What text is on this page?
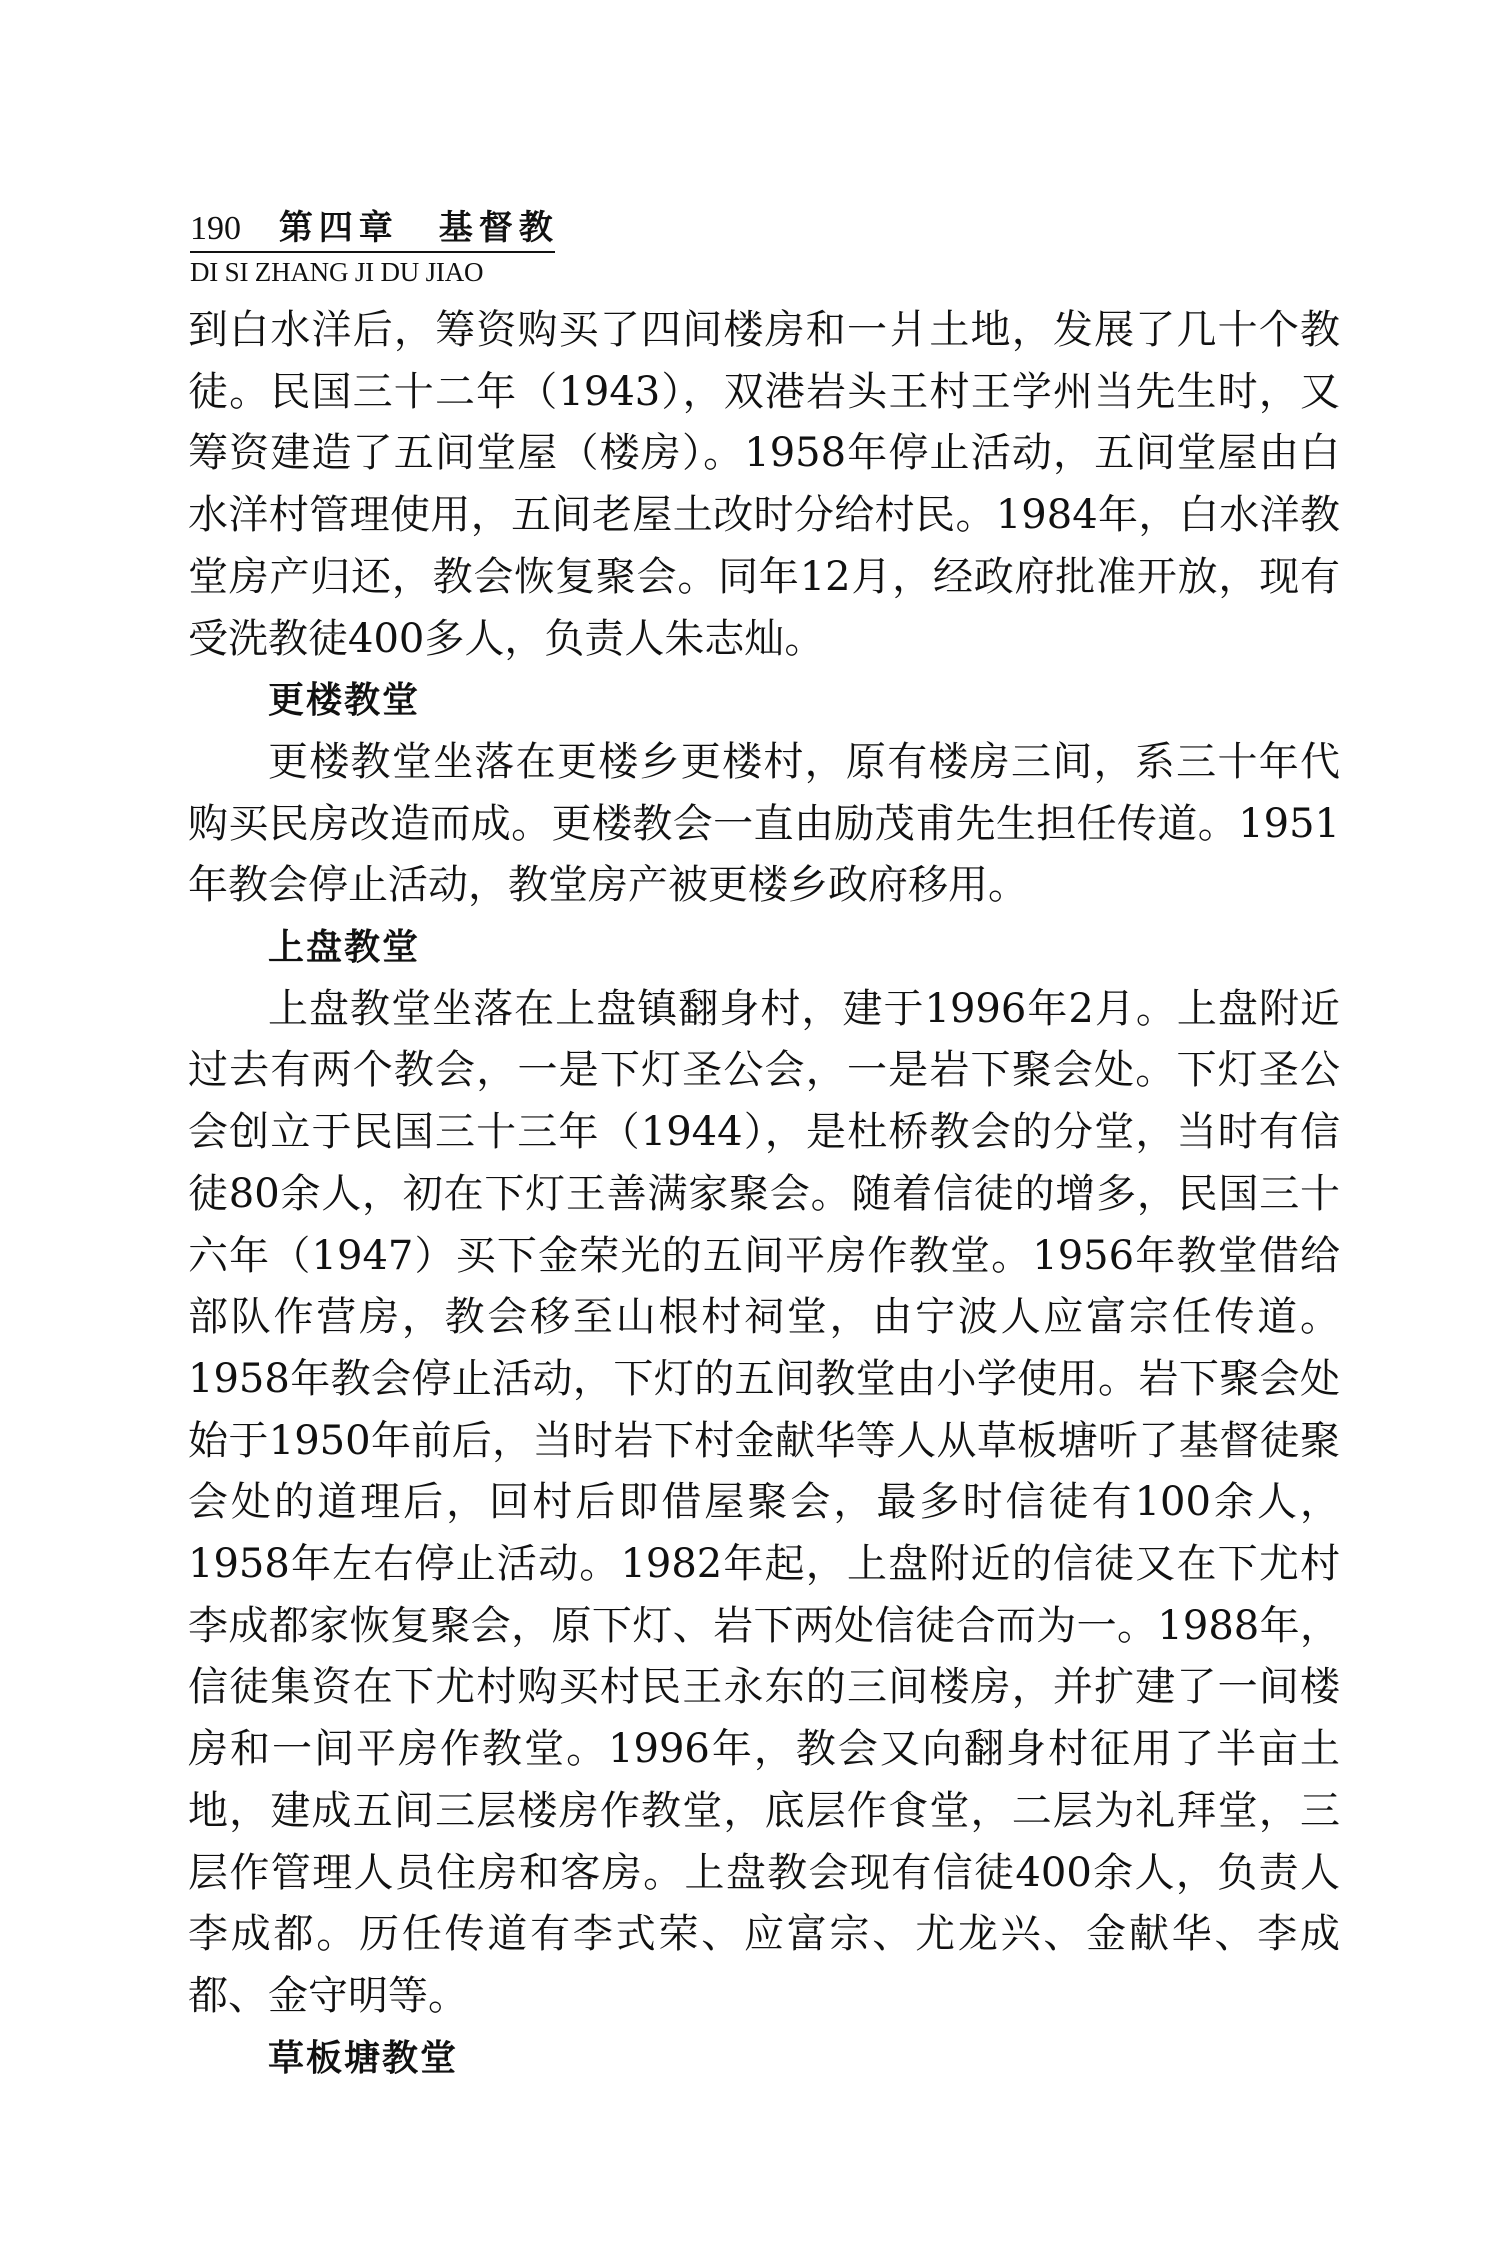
190 第四章　基督教
DI SI ZHANG JI DU JIAO

到白水洋后，筹资购买了四间楼房和一爿土地，发展了几十个教徒。民国三十二年（1943），双港岩头王村王学州当先生时，又筹资建造了五间堂屋（楼房）。1958年停止活动，五间堂屋由白水洋村管理使用，五间老屋土改时分给村民。1984年，白水洋教堂房产归还，教会恢复聚会。同年12月，经政府批准开放，现有受洗教徒400多人，负责人朱志灿。

更楼教堂

更楼教堂坐落在更楼乡更楼村，原有楼房三间，系三十年代购买民房改造而成。更楼教会一直由励茂甫先生担任传道。1951年教会停止活动，教堂房产被更楼乡政府移用。

上盘教堂

上盘教堂坐落在上盘镇翻身村，建于1996年2月。上盘附近过去有两个教会，一是下灯圣公会，一是岩下聚会处。下灯圣公会创立于民国三十三年（1944），是杜桥教会的分堂，当时有信徒80余人，初在下灯王善满家聚会。随着信徒的增多，民国三十六年（1947）买下金荣光的五间平房作教堂。1956年教堂借给部队作营房，教会移至山根村祠堂，由宁波人应富宗任传道。1958年教会停止活动，下灯的五间教堂由小学使用。岩下聚会处始于1950年前后，当时岩下村金献华等人从草板塘听了基督徒聚会处的道理后，回村后即借屋聚会，最多时信徒有100余人，1958年左右停止活动。1982年起，上盘附近的信徒又在下尤村李成都家恢复聚会，原下灯、岩下两处信徒合而为一。1988年，信徒集资在下尤村购买村民王永东的三间楼房，并扩建了一间楼房和一间平房作教堂。1996年，教会又向翻身村征用了半亩土地，建成五间三层楼房作教堂，底层作食堂，二层为礼拜堂，三层作管理人员住房和客房。上盘教会现有信徒400余人，负责人李成都。历任传道有李式荣、应富宗、尤龙兴、金献华、李成都、金守明等。

草板塘教堂
